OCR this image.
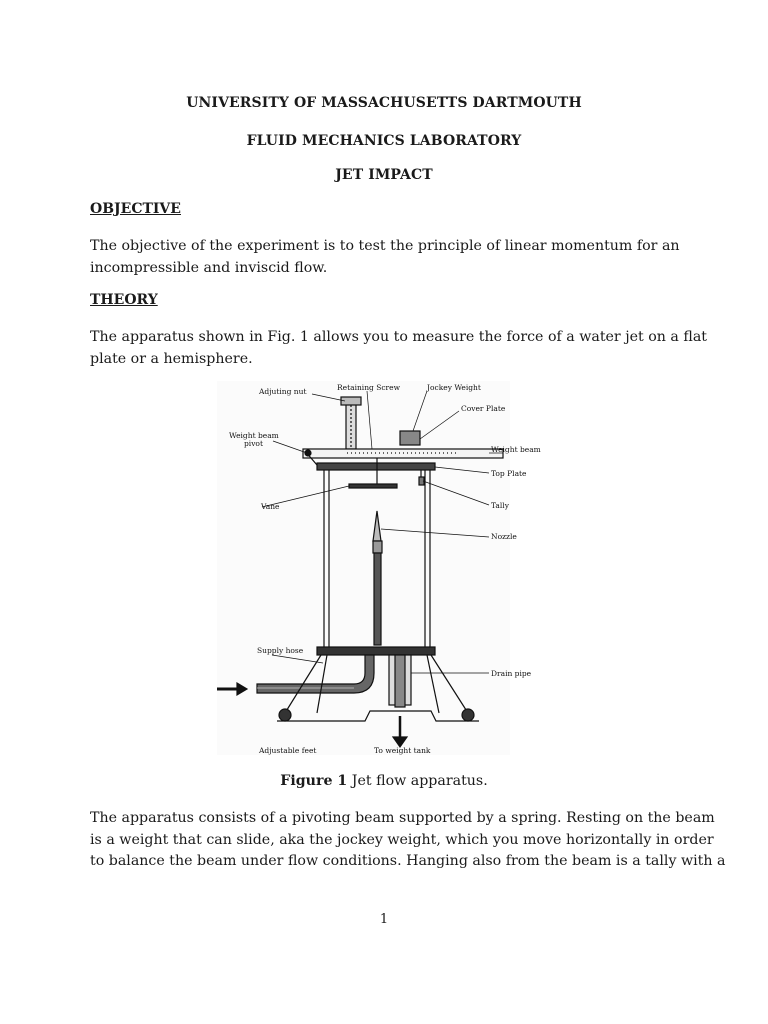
UNIVERSITY OF MASSACHUSETTS DARTMOUTH
FLUID MECHANICS LABORATORY
JET IMPACT
OBJECTIVE
The objective of the experiment is to test the principle of linear momentum for an
incompressible and inviscid flow.
THEORY
The apparatus shown in Fig. 1 allows you to measure the force of a water jet on a flat
plate or a hemisphere.
Adjuting nut	Retaining Screw	Jockey Weight
Cover Plate
Weight beam
pivot
Weight beam
Top Plate
Tally
Vane
Nozzle
Supply hose
Drain pipe
Adjustable feet	To weight tank
Figure 1 Jet flow apparatus.
The apparatus consists of a pivoting beam supported by a spring. Resting on the beam
is a weight that can slide, aka the jockey weight, which you move horizontally in order
to balance the beam under flow conditions. Hanging also from the beam is a tally with a
1
